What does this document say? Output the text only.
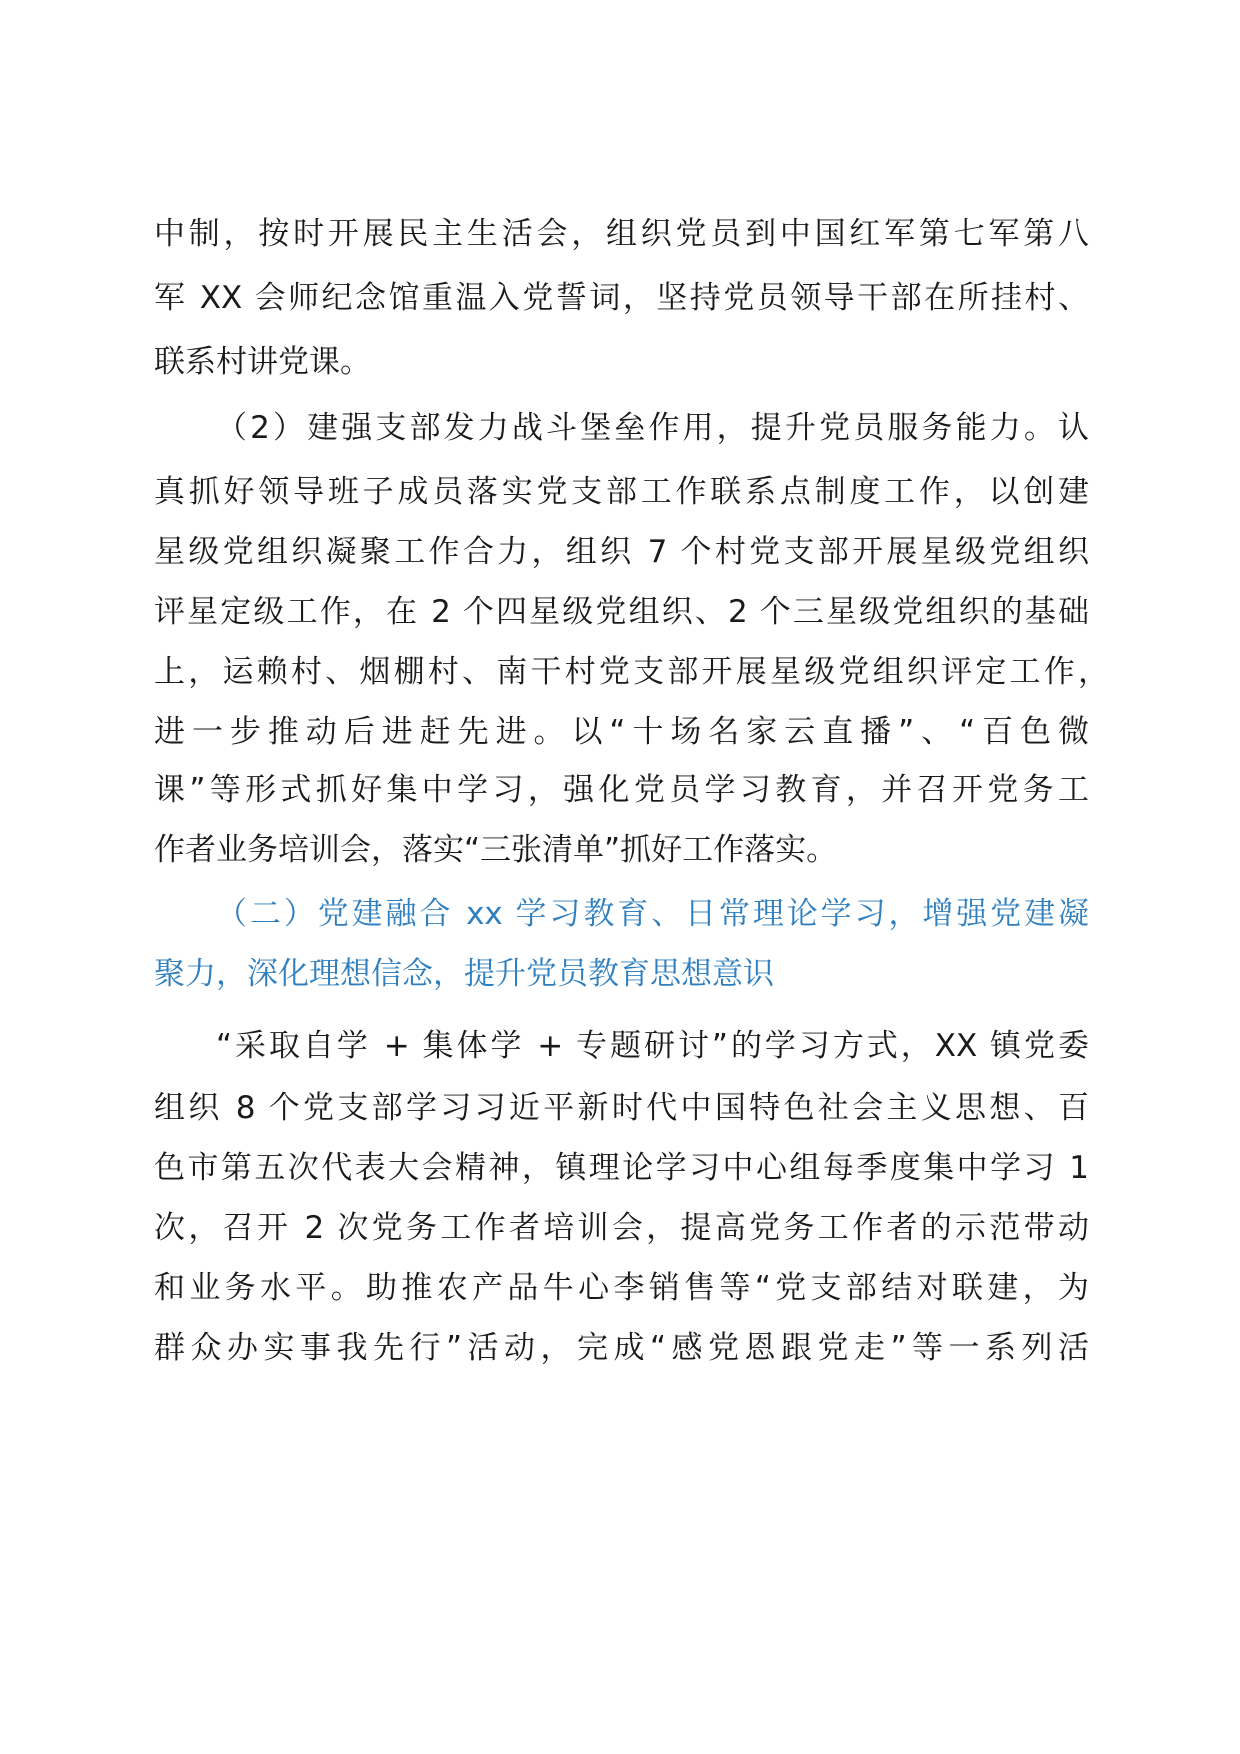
中制，按时开展民主生活会，组织党员到中国红军第七军第八
军 XX 会师纪念馆重温入党誓词，坚持党员领导干部在所挂村、
联系村讲党课。
（2）建强支部发力战斗堡垒作用，提升党员服务能力。认
真抓好领导班子成员落实党支部工作联系点制度工作，以创建
星级党组织凝聚工作合力，组织 7 个村党支部开展星级党组织
评星定级工作，在 2 个四星级党组织、2 个三星级党组织的基础
上，运赖村、烟棚村、南干村党支部开展星级党组织评定工作，
进一步推动后进赶先进。以“十场名家云直播”、“百色微
课”等形式抓好集中学习，强化党员学习教育，并召开党务工
作者业务培训会，落实“三张清单”抓好工作落实。
（二）党建融合 xx 学习教育、日常理论学习，增强党建凝
聚力，深化理想信念，提升党员教育思想意识
“采取自学 + 集体学 + 专题研讨”的学习方式，XX 镇党委
组织 8 个党支部学习习近平新时代中国特色社会主义思想、百
色市第五次代表大会精神，镇理论学习中心组每季度集中学习 1
次，召开 2 次党务工作者培训会，提高党务工作者的示范带动
和业务水平。助推农产品牛心李销售等“党支部结对联建，为
群众办实事我先行”活动，完成“感党恩跟党走”等一系列活
